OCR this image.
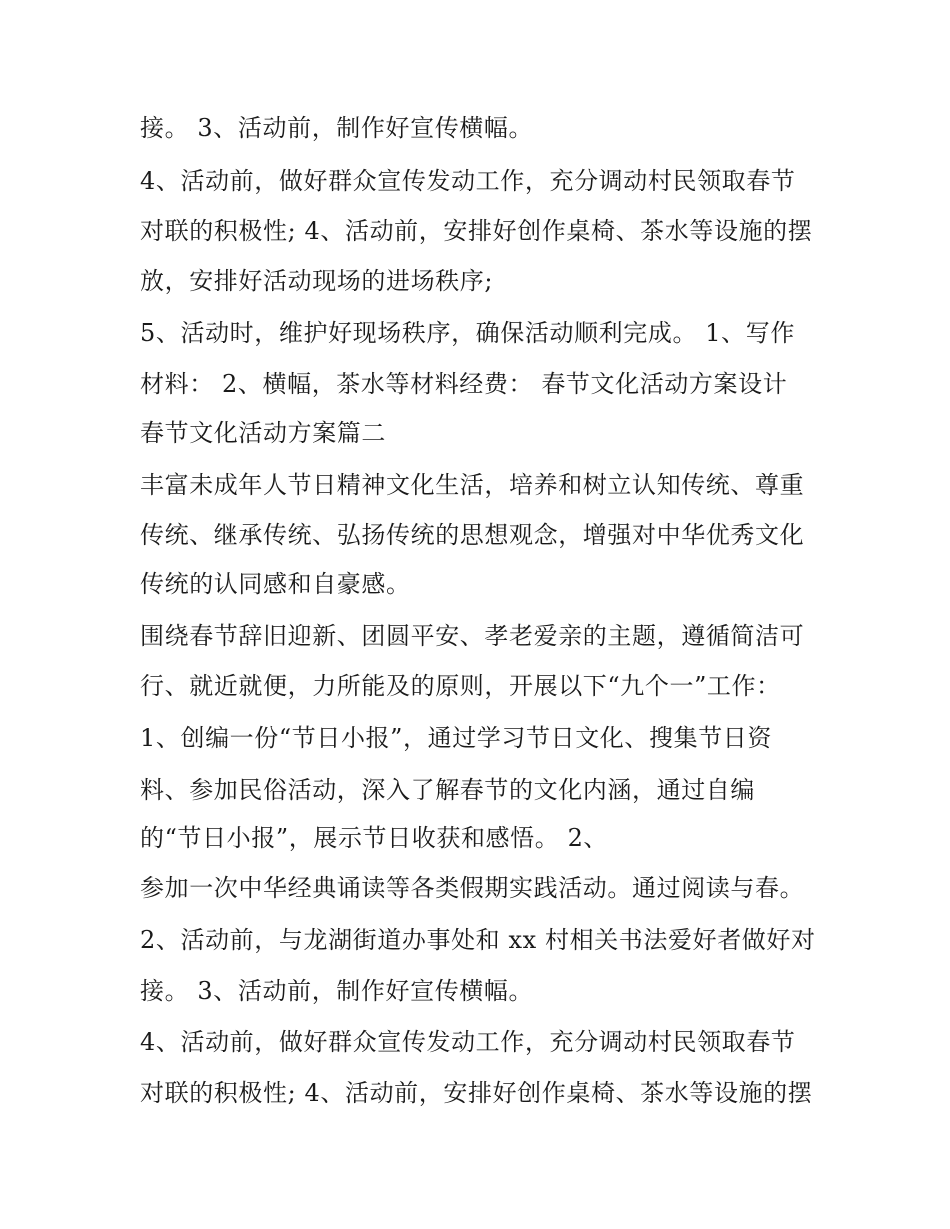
接。 3、活动前，制作好宣传横幅。
4、活动前，做好群众宣传发动工作，充分调动村民领取春节
对联的积极性; 4、活动前，安排好创作桌椅、茶水等设施的摆
放，安排好活动现场的进场秩序;
5、活动时，维护好现场秩序，确保活动顺利完成。 1、写作
材料： 2、横幅，茶水等材料经费： 春节文化活动方案设计
春节文化活动方案篇二
丰富未成年人节日精神文化生活，培养和树立认知传统、尊重
传统、继承传统、弘扬传统的思想观念，增强对中华优秀文化
传统的认同感和自豪感。
围绕春节辞旧迎新、团圆平安、孝老爱亲的主题，遵循简洁可
行、就近就便，力所能及的原则，开展以下“九个一”工作：
1、创编一份“节日小报”，通过学习节日文化、搜集节日资
料、参加民俗活动，深入了解春节的文化内涵，通过自编
的“节日小报”，展示节日收获和感悟。 2、
参加一次中华经典诵读等各类假期实践活动。通过阅读与春。
2、活动前，与龙湖街道办事处和 xx 村相关书法爱好者做好对
接。 3、活动前，制作好宣传横幅。
4、活动前，做好群众宣传发动工作，充分调动村民领取春节
对联的积极性; 4、活动前，安排好创作桌椅、茶水等设施的摆
